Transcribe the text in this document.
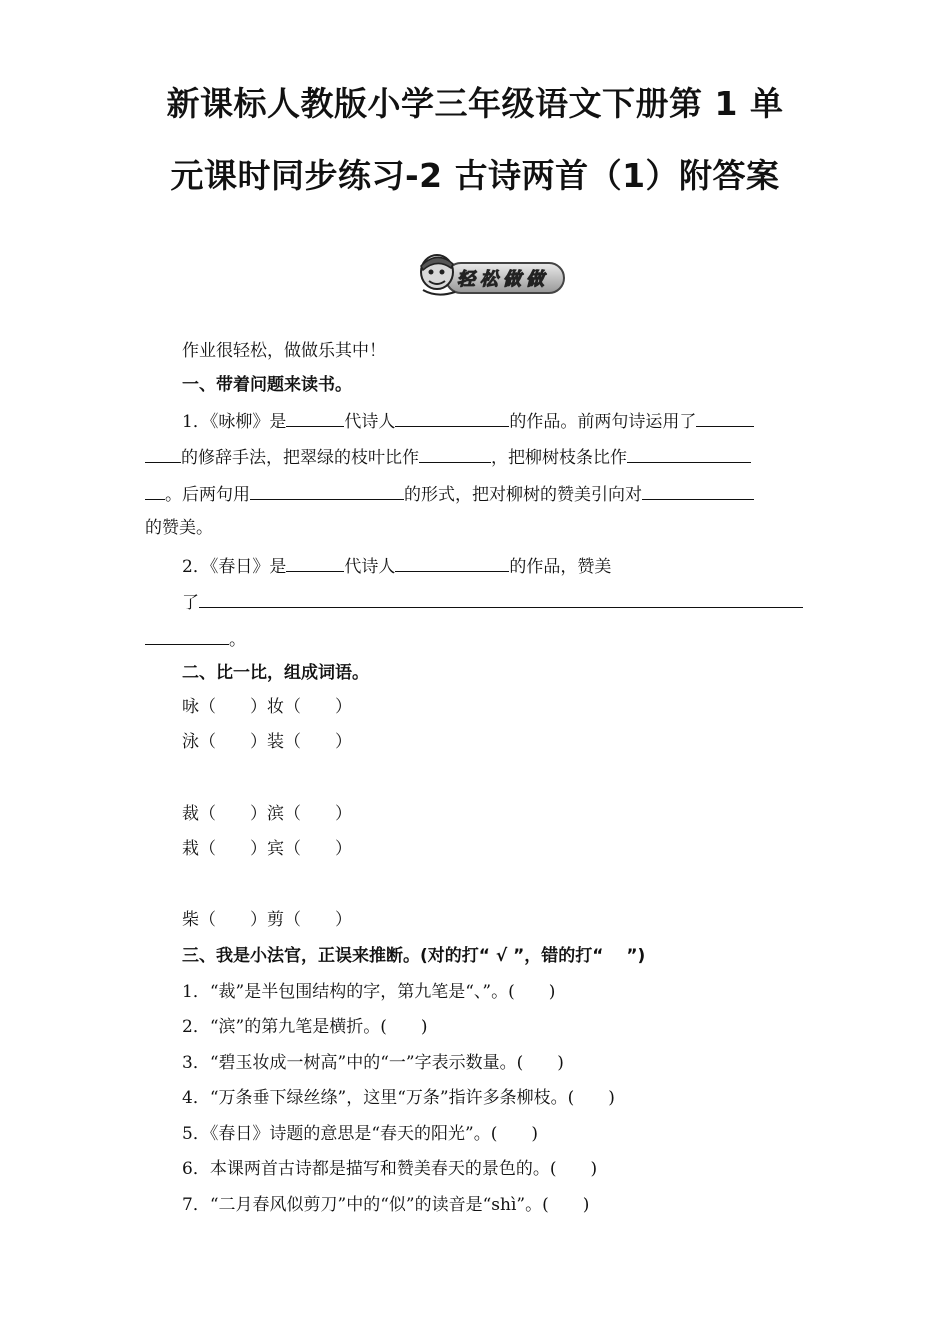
新课标人教版小学三年级语文下册第 1 单
元课时同步练习-2 古诗两首（1）附答案
轻松做做
作业很轻松，做做乐其中！
一、带着问题来读书。
1．《咏柳》是	代诗人	的作品。前两句诗运用了
的修辞手法，把翠绿的枝叶比作	，把柳树枝条比作
。后两句用	的形式，把对柳树的赞美引向对
的赞美。
2．《春日》是	代诗人	的作品，赞美
了
。
二、比一比，组成词语。
咏（　　）妆（　　）
泳（　　）装（　　）
裁（　　）滨（　　）
栽（　　）宾（　　）
柴（　　）剪（　　）
三、我是小法官，正误来推断。(对的打“ √ ”，错的打“　 ”)
1．“裁”是半包围结构的字，第九笔是“、”。(　　)
2．“滨”的第九笔是横折。(　　)
3．“碧玉妆成一树高”中的“一”字表示数量。(　　)
4．“万条垂下绿丝绦”，这里“万条”指许多条柳枝。(　　)
5．《春日》诗题的意思是“春天的阳光”。(　　)
6．本课两首古诗都是描写和赞美春天的景色的。(　　)
7．“二月春风似剪刀”中的“似”的读音是“shì”。(　　)
